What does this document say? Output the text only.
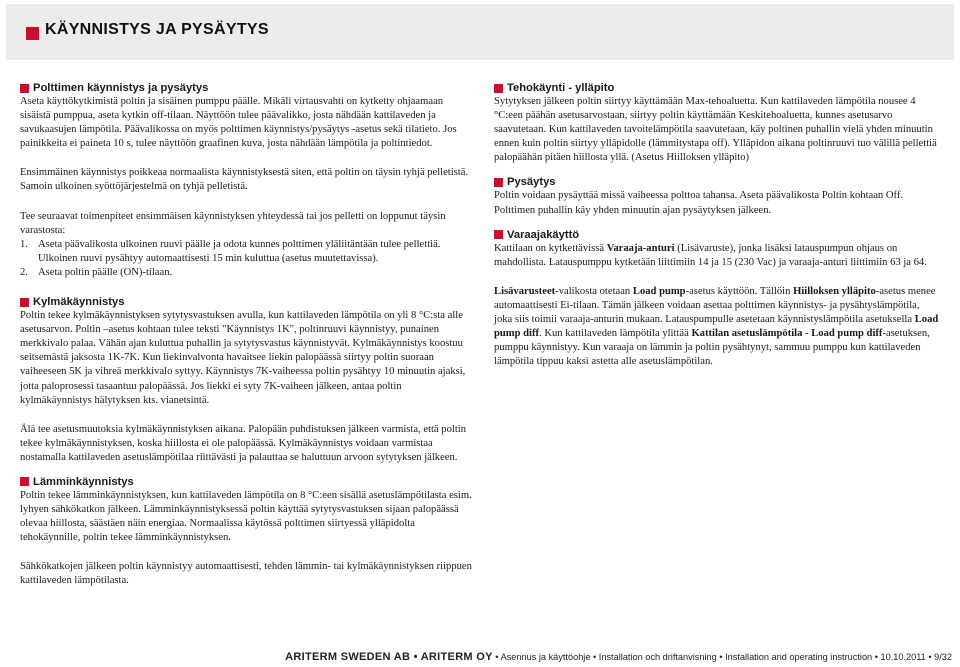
KÄYNNISTYS JA PYSÄYTYS
Polttimen käynnistys ja pysäytys

Aseta käyttökytkimistä poltin ja sisäinen pumppu päälle. Mikäli virtausvahti on kytketty ohjaamaan sisäistä pumppua, aseta kytkin off-tilaan. Näyttöön tulee päävalikko, josta nähdään kattilaveden ja savukaasujen lämpötila. Päävalikossa on myös polttimen käynnistys/pysäytys -asetus sekä tilatieto. Jos painikkeita ei paineta 10 s, tulee näyttöön graafinen kuva, josta nähdään lämpötila ja poltintiedot.

Ensimmäinen käynnistys poikkeaa normaalista käynnistyksestä siten, että poltin on täysin tyhjä pelletistä. Samoin ulkoinen syöttöjärjestelmä on tyhjä pelletistä.

Tee seuraavat toimenpiteet ensimmäisen käynnistyksen yhteydessä tai jos pelletti on loppunut täysin varastosta:

1. Aseta päävalikosta ulkoinen ruuvi päälle ja odota kunnes polttimen yläliitäntään tulee pellettiä. Ulkoinen ruuvi pysähtyy automaattisesti 15 min kuluttua (asetus muutettavissa).
2. Aseta poltin päälle (ON)-tilaan.
Kylmäkäynnistys

Poltin tekee kylmäkäynnistyksen sytytysvastuksen avulla, kun kattilaveden lämpötila on yli 8 °C:sta alle asetusarvon. Poltin –asetus kohtaan tulee teksti "Käynnistys 1K", poltinruuvi käynnistyy, punainen merkkivalo palaa. Vähän ajan kuluttua puhallin ja sytytysvastus käynnistyvät. Kylmäkäynnistys koostuu seitsemästä jaksosta 1K-7K. Kun liekinvalvonta havaitsee liekin palopäässä siirtyy poltin suoraan vaiheeseen 5K ja vihreä merkkivalo syttyy. Käynnistys 7K-vaiheessa poltin pysähtyy 10 minuutin ajaksi, jotta paloprosessi tasaantuu palopäässä. Jos liekki ei syty 7K-vaiheen jälkeen, antaa poltin kylmäkäynnistys hälytyksen kts. vianetsintä.

Älä tee asetusmuutoksia kylmäkäynnistyksen aikana. Palopään puhdistuksen jälkeen varmista, että poltin tekee kylmäkäynnistyksen, koska hiillosta ei ole palopäässä. Kylmäkäynnistys voidaan varmistaa nostamalla kattilaveden asetuslämpötilaa riittävästi ja palauttaa se haluttuun arvoon sytytyksen jälkeen.

Lämminkäynnistys

Poltin tekee lämminkäynnistyksen, kun kattilaveden lämpötila on 8 °C:een sisällä asetuslämpötilasta esim. lyhyen sähkökatkon jälkeen. Lämminkäynnistyksessä poltin käyttää sytytysvastuksen sijaan palopäässä olevaa hiillosta, säästäen näin energiaa. Normaalissa käytössä polttimen siirtyessä ylläpidolta tehokäynnille, poltin tekee lämminkäynnistyksen.

Sähkökatkojen jälkeen poltin käynnistyy automaattisesti, tehden lämmin- tai kylmäkäynnistyksen riippuen kattilaveden lämpötilasta.

Tehokäynti - ylläpito

Sytytyksen jälkeen poltin siirtyy käyttämään Max-tehoaluetta. Kun kattilaveden lämpötila nousee 4 °C:een päähän asetusarvostaan, siirtyy poltin käyttämään Keskitehoaluetta, kunnes asetusarvo saavutetaan. Kun kattilaveden tavoitelämpötila saavutetaan, käy poltinen puhallin vielä yhden minuutin ennen kuin poltin siirtyy ylläpidolle (lämmitystapa off). Ylläpidon aikana poltinruuvi tuo välillä pellettiä palopäähän pitäen hiillosta yllä. (Asetus Hiilloksen ylläpito)

Pysäytys

Poltin voidaan pysäyttää missä vaiheessa polttoa tahansa. Aseta päävalikosta Poltin kohtaan Off. Polttimen puhallin käy yhden minuutin ajan pysäytyksen jälkeen.

Varaajakäyttö

Kattilaan on kytkettävissä Varaaja-anturi (Lisävaruste), jonka lisäksi latauspumpun ohjaus on mahdollista. Latauspumppu kytketään liittimiin 14 ja 15 (230 Vac) ja varaaja-anturi liittimiin 63 ja 64.

Lisävarusteet-valikosta otetaan Load pump-asetus käyttöön. Tällöin Hiilloksen ylläpito-asetus menee automaattisesti Ei-tilaan. Tämän jälkeen voidaan asettaa polttimen käynnistys- ja pysähtyslämpötila, joka siis toimii varaaja-anturin mukaan. Latauspumpulle asetetaan käynnistyslämpötila asetuksella Load pump diff. Kun kattilaveden lämpötila ylittää Kattilan asetuslämpötila - Load pump diff-asetuksen, pumppu käynnistyy. Kun varaaja on lämmin ja poltin pysähtynyt, sammuu pumppu kun kattilaveden lämpötila tippuu kaksi astetta alle asetuslämpötilan.

ARITERM SWEDEN AB • ARITERM OY • Asennus ja käyttöohje • Installation och driftanvisning • Installation and operating instruction • 10.10.2011 • 9/32
